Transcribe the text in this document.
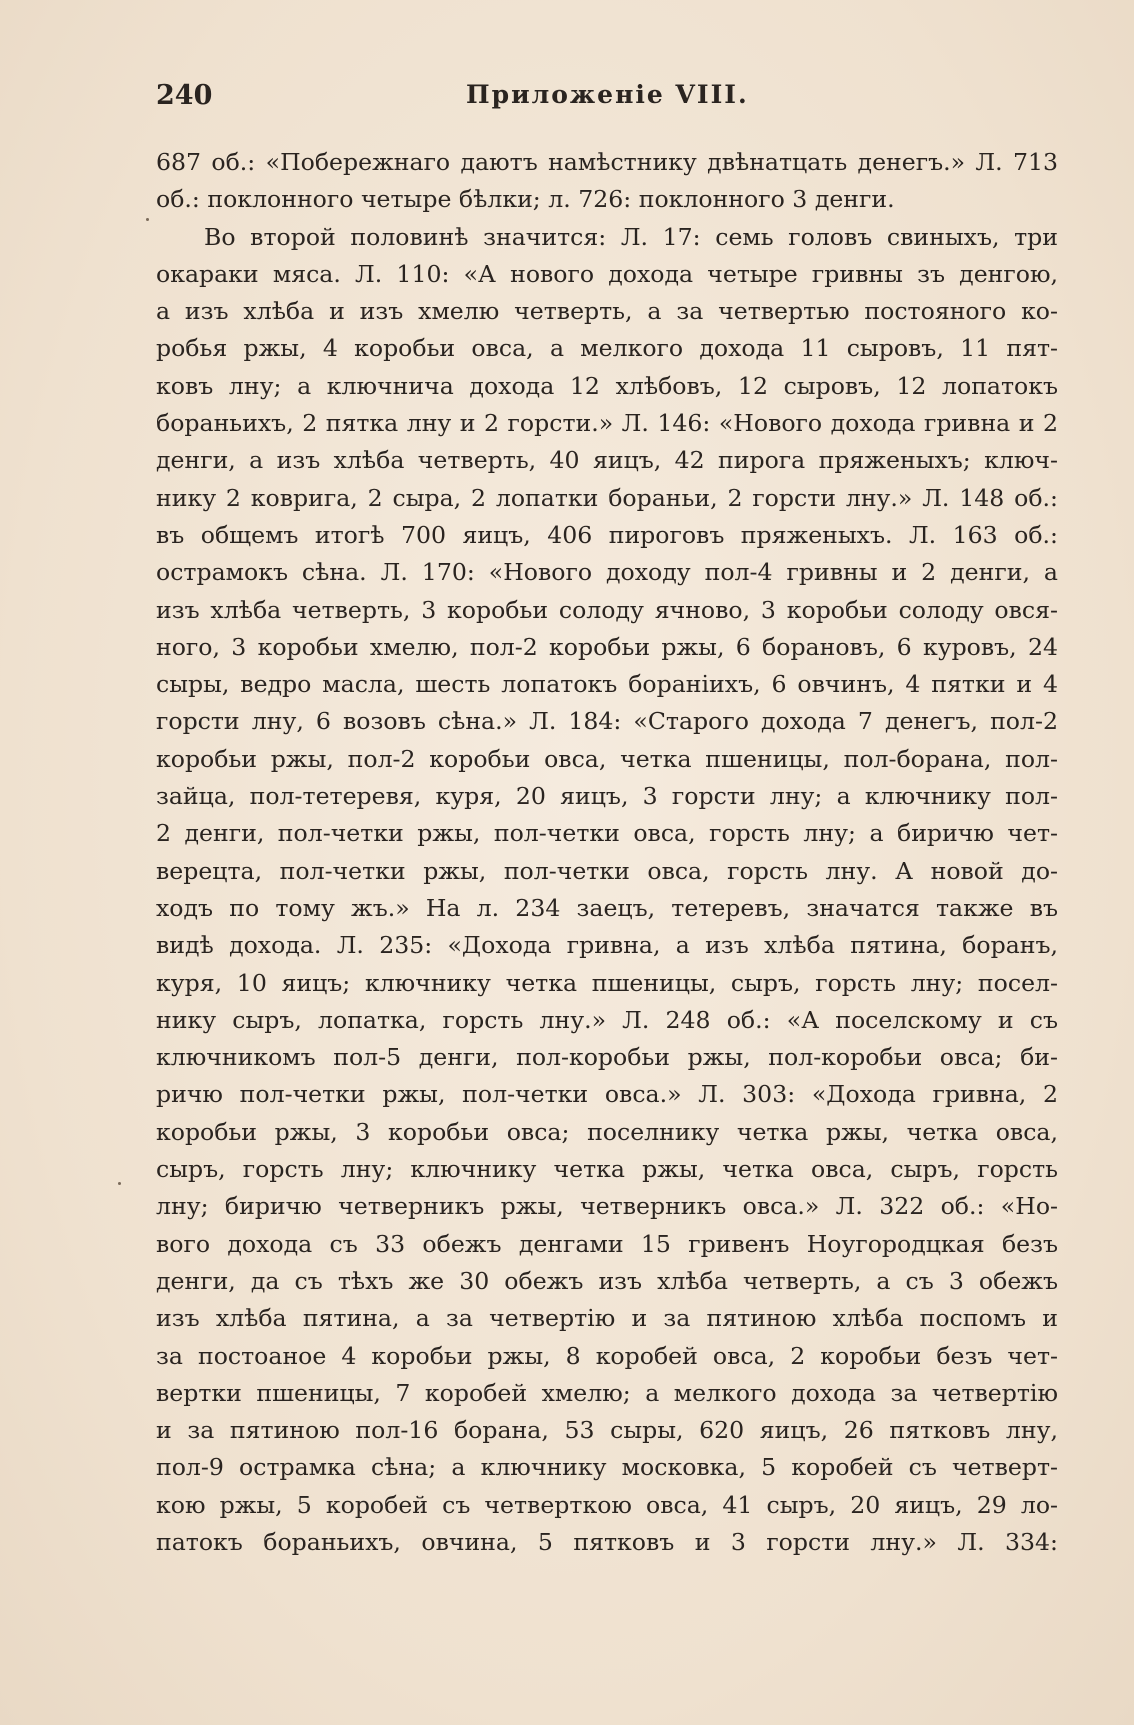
240	Приложенiе VIII.
687 об.: «Побережнаго даютъ намѣстнику двѣнатцать денегъ.» Л. 713
об.: поклонного четыре бѣлки; л. 726: поклонного 3 денги.
Во второй половинѣ значится: Л. 17: семь головъ свиныхъ, три
окараки мяса. Л. 110: «А нового дохода четыре гривны зъ денгою,
а изъ хлѣба и изъ хмелю четверть, а за четвертью постояного ко-
робья ржы, 4 коробьи овса, а мелкого дохода 11 сыровъ, 11 пят-
ковъ лну; а ключнича дохода 12 хлѣбовъ, 12 сыровъ, 12 лопатокъ
бораньихъ, 2 пятка лну и 2 горсти.» Л. 146: «Нового дохода гривна и 2
денги, а изъ хлѣба четверть, 40 яицъ, 42 пирога пряженыхъ; ключ-
нику 2 коврига, 2 сыра, 2 лопатки бораньи, 2 горсти лну.» Л. 148 об.:
въ общемъ итогѣ 700 яицъ, 406 пироговъ пряженыхъ. Л. 163 об.:
острамокъ сѣна. Л. 170: «Нового доходу пол-4 гривны и 2 денги, а
изъ хлѣба четверть, 3 коробьи солоду ячново, 3 коробьи солоду овся-
ного, 3 коробьи хмелю, пол-2 коробьи ржы, 6 борановъ, 6 куровъ, 24
сыры, ведро масла, шесть лопатокъ боранiихъ, 6 овчинъ, 4 пятки и 4
горсти лну, 6 возовъ сѣна.» Л. 184: «Старого дохода 7 денегъ, пол-2
коробьи ржы, пол-2 коробьи овса, четка пшеницы, пол-борана, пол-
зайца, пол-тетеревя, куря, 20 яицъ, 3 горсти лну; а ключнику пол-
2 денги, пол-четки ржы, пол-четки овса, горсть лну; а биричю чет-
верецта, пол-четки ржы, пол-четки овса, горсть лну. А новой до-
ходъ по тому жъ.» На л. 234 заецъ, тетеревъ, значатся также въ
видѣ дохода. Л. 235: «Дохода гривна, а изъ хлѣба пятина, боранъ,
куря, 10 яицъ; ключнику четка пшеницы, сыръ, горсть лну; посел-
нику сыръ, лопатка, горсть лну.» Л. 248 об.: «А поселскому и съ
ключникомъ пол-5 денги, пол-коробьи ржы, пол-коробьи овса; би-
ричю пол-четки ржы, пол-четки овса.» Л. 303: «Дохода гривна, 2
коробьи ржы, 3 коробьи овса; поселнику четка ржы, четка овса,
сыръ, горсть лну; ключнику четка ржы, четка овса, сыръ, горсть
лну; биричю четверникъ ржы, четверникъ овса.» Л. 322 об.: «Но-
вого дохода съ 33 обежъ денгами 15 гривенъ Ноугородцкая безъ
денги, да съ тѣхъ же 30 обежъ изъ хлѣба четверть, а съ 3 обежъ
изъ хлѣба пятина, а за четвертiю и за пятиною хлѣба поспомъ и
за постоаное 4 коробьи ржы, 8 коробей овса, 2 коробьи безъ чет-
вертки пшеницы, 7 коробей хмелю; а мелкого дохода за четвертiю
и за пятиною пол-16 борана, 53 сыры, 620 яицъ, 26 пятковъ лну,
пол-9 острамка сѣна; а ключнику московка, 5 коробей съ четверт-
кою ржы, 5 коробей съ четверткою овса, 41 сыръ, 20 яицъ, 29 ло-
патокъ бораньихъ, овчина, 5 пятковъ и 3 горсти лну.» Л. 334:
